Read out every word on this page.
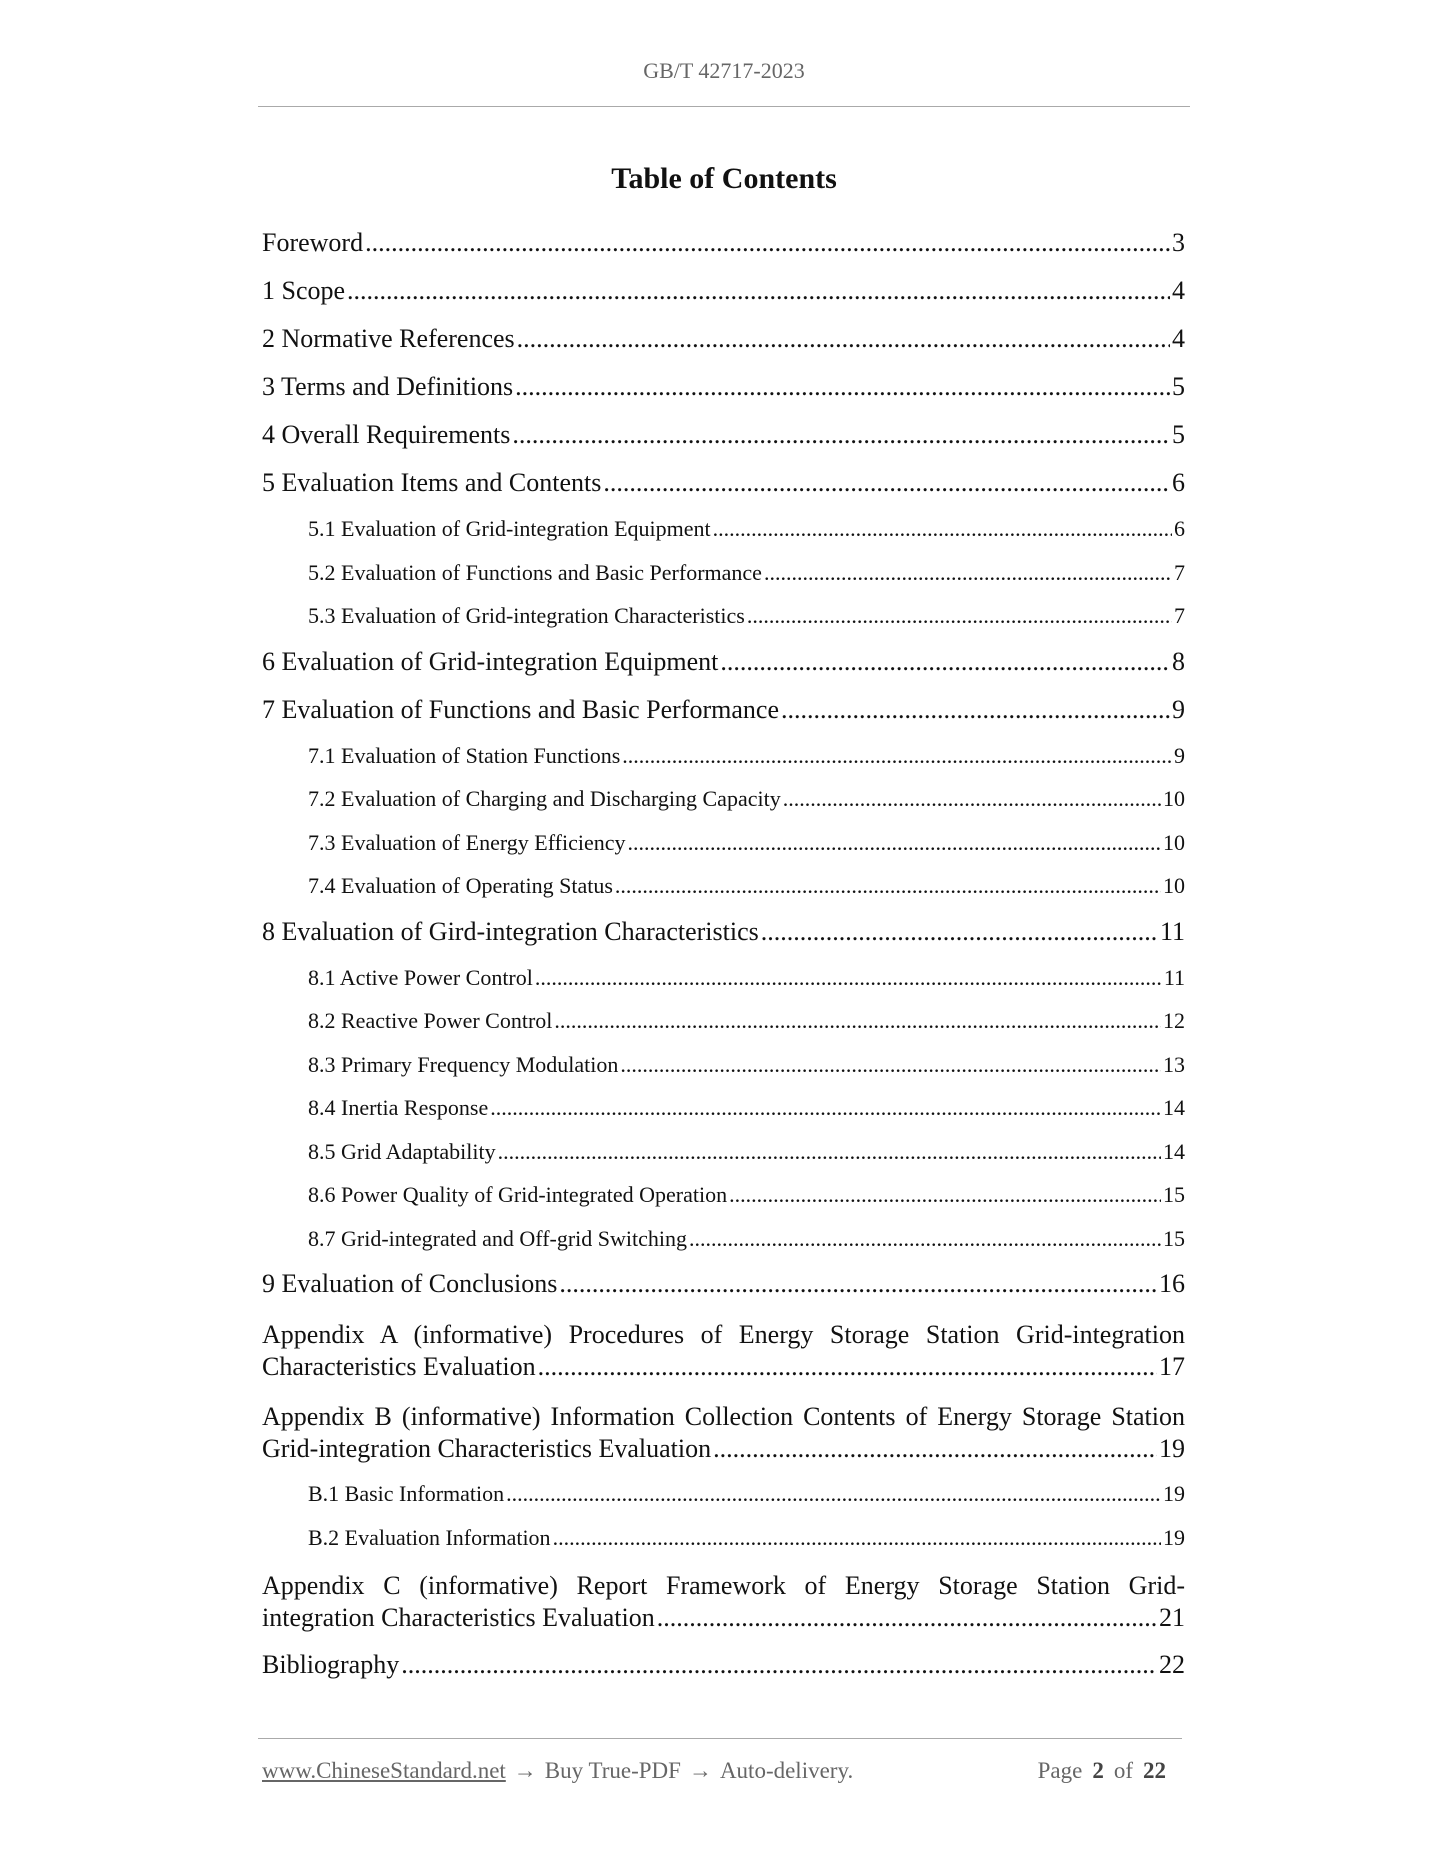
GB/T 42717-2023
Table of Contents
Foreword .....	3
1 Scope .....	4
2 Normative References .....	4
3 Terms and Definitions .....	5
4 Overall Requirements .....	5
5 Evaluation Items and Contents .....	6
5.1 Evaluation of Grid-integration Equipment .....	6
5.2 Evaluation of Functions and Basic Performance .....	7
5.3 Evaluation of Grid-integration Characteristics .....	7
6 Evaluation of Grid-integration Equipment .....	8
7 Evaluation of Functions and Basic Performance .....	9
7.1 Evaluation of Station Functions .....	9
7.2 Evaluation of Charging and Discharging Capacity .....	10
7.3 Evaluation of Energy Efficiency .....	10
7.4 Evaluation of Operating Status .....	10
8 Evaluation of Gird-integration Characteristics .....	11
8.1 Active Power Control .....	11
8.2 Reactive Power Control .....	12
8.3 Primary Frequency Modulation .....	13
8.4 Inertia Response .....	14
8.5 Grid Adaptability .....	14
8.6 Power Quality of Grid-integrated Operation .....	15
8.7 Grid-integrated and Off-grid Switching .....	15
9 Evaluation of Conclusions .....	16
Appendix A (informative) Procedures of Energy Storage Station Grid-integration
Characteristics Evaluation .....	17
Appendix B (informative) Information Collection Contents of Energy Storage Station
Grid-integration Characteristics Evaluation .....	19
B.1 Basic Information .....	19
B.2 Evaluation Information .....	19
Appendix C (informative) Report Framework of Energy Storage Station Grid-
integration Characteristics Evaluation .....	21
Bibliography .....	22
www.ChineseStandard.net → Buy True-PDF → Auto-delivery.	Page 2 of 22
